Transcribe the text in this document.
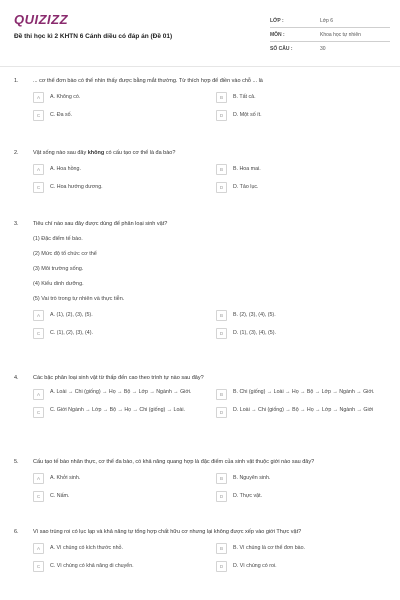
QUIZIZZ
Đề thi học kì 2 KHTN 6 Cánh diều có đáp án (Đề 01)
LỚP :	Lớp 6
MÔN :	Khoa học tự nhiên
SỐ CÂU :	30
1.	... cơ thể đơn bào có thể nhìn thấy được bằng mắt thường. Từ thích hợp để điền vào chỗ ... là
A	A. Không có.	B	B. Tất cả.
C	C. Đa số.	D	D. Một số ít.
2.	Vật sống nào sau đây không có cấu tạo cơ thể là đa bào?
A	A. Hoa hồng.	B	B. Hoa mai.
C	C. Hoa hướng dương.	D	D. Tảo lục.
3.	Tiêu chí nào sau đây được dùng để phân loại sinh vật?
(1) Đặc điểm tế bào.
(2) Mức độ tổ chức cơ thể
(3) Môi trường sống.
(4) Kiểu dinh dưỡng.
(5) Vai trò trong tự nhiên và thực tiễn.
A	A. (1), (2), (3), (5).	B	B. (2), (3), (4), (5).
C	C. (1), (2), (3), (4).	D	D. (1), (3), (4), (5).
4.	Các bậc phân loại sinh vật từ thấp đến cao theo trình tự nào sau đây?
A	A. Loài → Chi (giống) → Họ → Bộ → Lớp → Ngành → Giới.	B	B. Chi (giống) → Loài → Họ → Bộ → Lớp → Ngành → Giới.
C	C. Giới Ngành → Lớp → Bộ → Họ → Chi (giống) → Loài.	D	D. Loài → Chi (giống) → Bộ → Họ → Lớp → Ngành → Giới
5.	Cấu tạo tế bào nhân thực, cơ thể đa bào, có khả năng quang hợp là đặc điểm của sinh vật thuộc giới nào sau đây?
A	A. Khởi sinh.	B	B. Nguyên sinh.
C	C. Nấm.	D	D. Thực vật.
6.	Vì sao trùng roi có lục lạp và khả năng tự tổng hợp chất hữu cơ nhưng lại không được xếp vào giới Thực vật?
A	A. Vì chúng có kích thước nhỏ.	B	B. Vì chúng là cơ thể đơn bào.
C	C. Vì chúng có khả năng di chuyển.	D	D. Vì chúng có roi.
